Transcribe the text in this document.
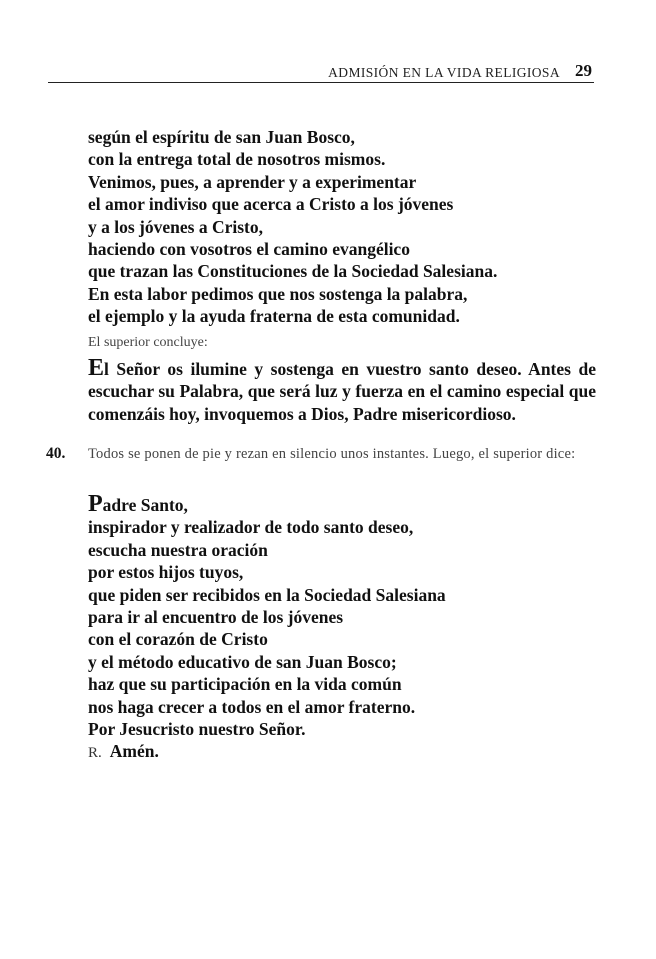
ADMISIÓN EN LA VIDA RELIGIOSA 29
según el espíritu de san Juan Bosco,
con la entrega total de nosotros mismos.
Venimos, pues, a aprender y a experimentar
el amor indiviso que acerca a Cristo a los jóvenes
y a los jóvenes a Cristo,
haciendo con vosotros el camino evangélico
que trazan las Constituciones de la Sociedad Salesiana.
En esta labor pedimos que nos sostenga la palabra,
el ejemplo y la ayuda fraterna de esta comunidad.
El superior concluye:
El Señor os ilumine y sostenga en vuestro santo deseo. Antes de escuchar su Palabra, que será luz y fuerza en el camino especial que comenzáis hoy, invoquemos a Dios, Padre misericordioso.
40. Todos se ponen de pie y rezan en silencio unos instantes. Luego, el superior dice:
Padre Santo,
inspirador y realizador de todo santo deseo,
escucha nuestra oración
por estos hijos tuyos,
que piden ser recibidos en la Sociedad Salesiana
para ir al encuentro de los jóvenes
con el corazón de Cristo
y el método educativo de san Juan Bosco;
haz que su participación en la vida común
nos haga crecer a todos en el amor fraterno.
Por Jesucristo nuestro Señor.
R. Amén.
